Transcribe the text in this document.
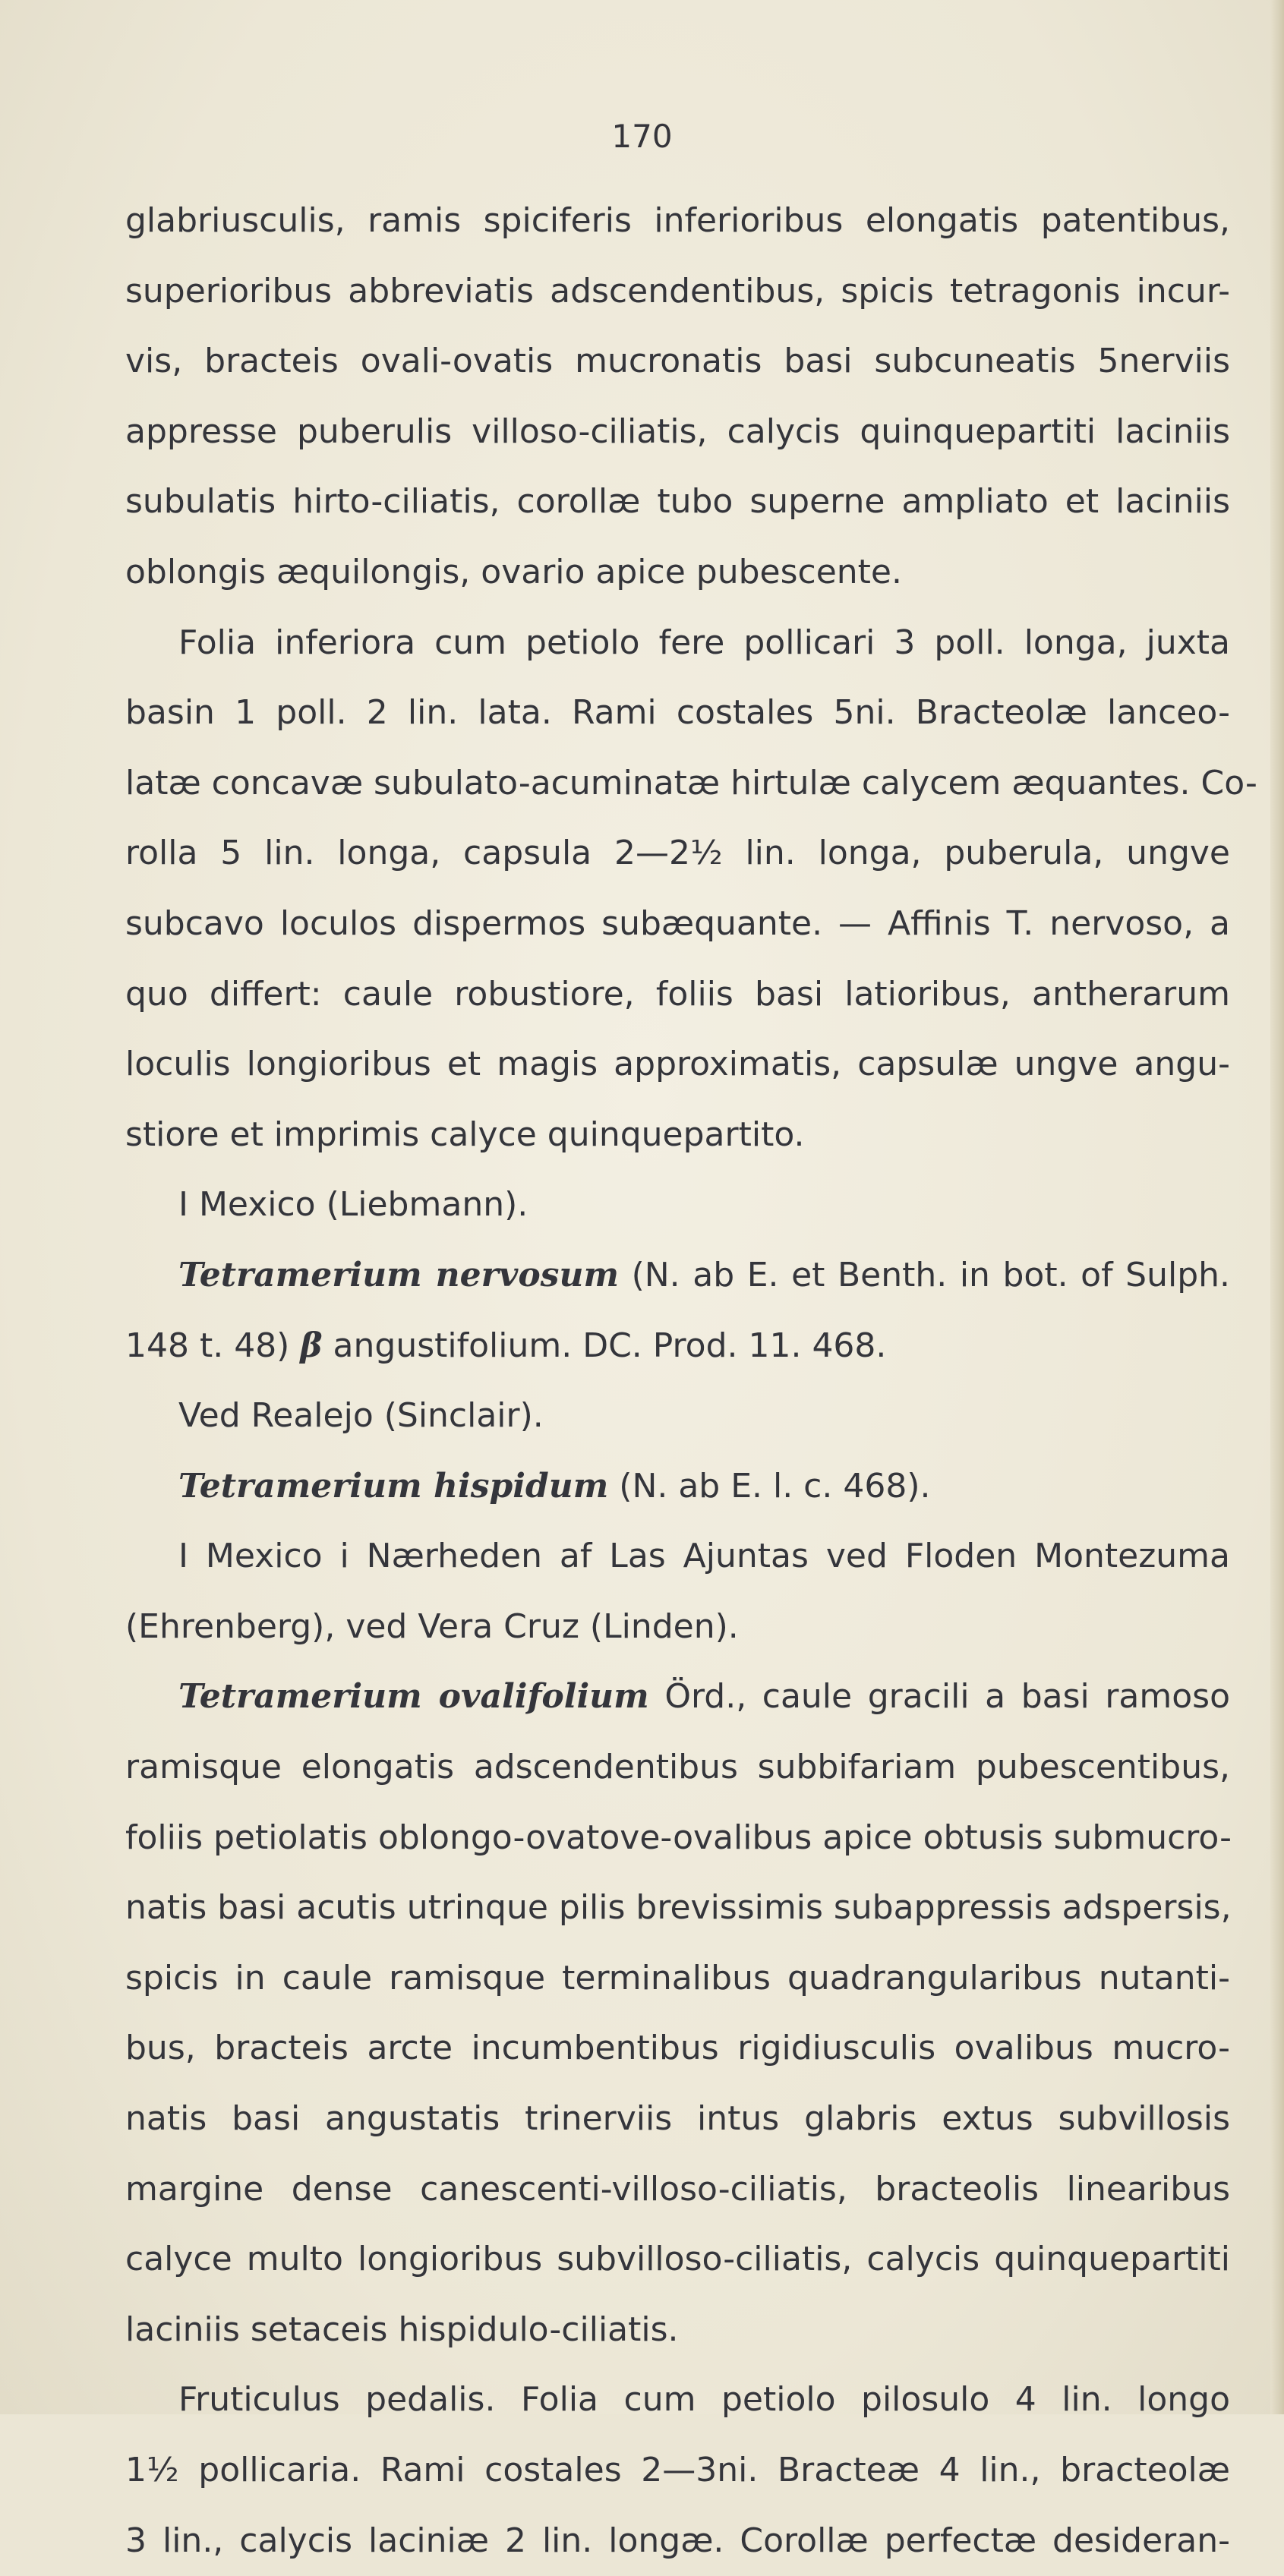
170
glabriusculis, ramis spiciferis inferioribus elongatis patentibus,
superioribus abbreviatis adscendentibus, spicis tetragonis incur-
vis, bracteis ovali-ovatis mucronatis basi subcuneatis 5nerviis
appresse puberulis villoso-ciliatis, calycis quinquepartiti laciniis
subulatis hirto-ciliatis, corollæ tubo superne ampliato et laciniis
oblongis æquilongis, ovario apice pubescente.
Folia inferiora cum petiolo fere pollicari 3 poll. longa, juxta
basin 1 poll. 2 lin. lata. Rami costales 5ni. Bracteolæ lanceo-
latæ concavæ subulato-acuminatæ hirtulæ calycem æquantes. Co-
rolla 5 lin. longa, capsula 2—2½ lin. longa, puberula, ungve
subcavo loculos dispermos subæquante. — Affinis T. nervoso, a
quo differt: caule robustiore, foliis basi latioribus, antherarum
loculis longioribus et magis approximatis, capsulæ ungve angu-
stiore et imprimis calyce quinquepartito.
I Mexico (Liebmann).
Tetramerium nervosum (N. ab E. et Benth. in bot. of Sulph.
148 t. 48) β angustifolium. DC. Prod. 11. 468.
Ved Realejo (Sinclair).
Tetramerium hispidum (N. ab E. l. c. 468).
I Mexico i Nærheden af Las Ajuntas ved Floden Montezuma
(Ehrenberg), ved Vera Cruz (Linden).
Tetramerium ovalifolium Örd., caule gracili a basi ramoso
ramisque elongatis adscendentibus subbifariam pubescentibus,
foliis petiolatis oblongo-ovatove-ovalibus apice obtusis submucro-
natis basi acutis utrinque pilis brevissimis subappressis adspersis,
spicis in caule ramisque terminalibus quadrangularibus nutanti-
bus, bracteis arcte incumbentibus rigidiusculis ovalibus mucro-
natis basi angustatis trinerviis intus glabris extus subvillosis
margine dense canescenti-villoso-ciliatis, bracteolis linearibus
calyce multo longioribus subvilloso-ciliatis, calycis quinquepartiti
laciniis setaceis hispidulo-ciliatis.
Fruticulus pedalis. Folia cum petiolo pilosulo 4 lin. longo
1½ pollicaria. Rami costales 2—3ni. Bracteæ 4 lin., bracteolæ
3 lin., calycis laciniæ 2 lin. longæ. Corollæ perfectæ desideran-
